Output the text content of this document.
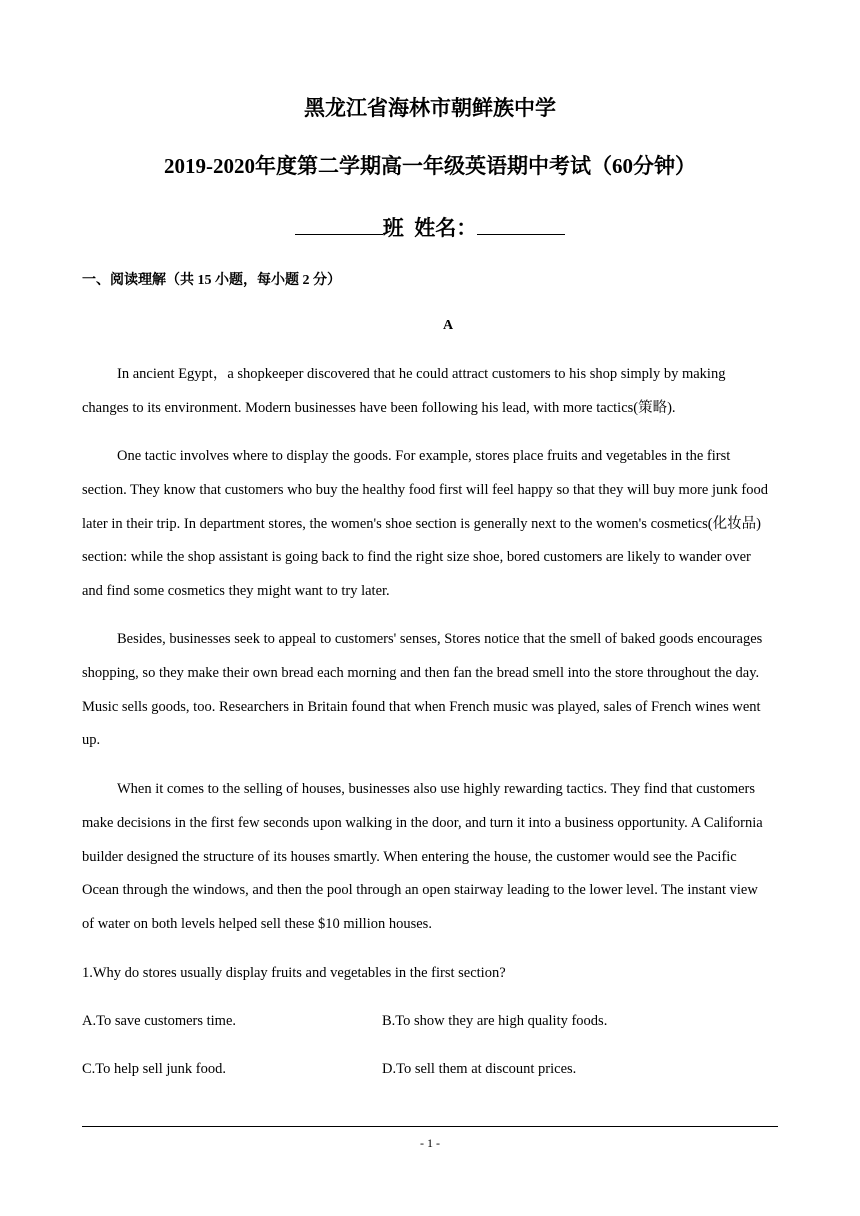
黑龙江省海林市朝鲜族中学
2019-2020年度第二学期高一年级英语期中考试（60分钟）
班 姓名：
一、阅读理解（共 15 小题，每小题 2 分）
A

In ancient Egypt，a shopkeeper discovered that he could attract customers to his shop simply by making changes to its environment. Modern businesses have been following his lead, with more tactics(策略).

One tactic involves where to display the goods. For example, stores place fruits and vegetables in the first section. They know that customers who buy the healthy food first will feel happy so that they will buy more junk food later in their trip. In department stores, the women's shoe section is generally next to the women's cosmetics(化妆品) section: while the shop assistant is going back to find the right size shoe, bored customers are likely to wander over and find some cosmetics they might want to try later.

Besides, businesses seek to appeal to customers' senses, Stores notice that the smell of baked goods encourages shopping, so they make their own bread each morning and then fan the bread smell into the store throughout the day. Music sells goods, too. Researchers in Britain found that when French music was played, sales of French wines went up.

When it comes to the selling of houses, businesses also use highly rewarding tactics. They find that customers make decisions in the first few seconds upon walking in the door, and turn it into a business opportunity. A California builder designed the structure of its houses smartly. When entering the house, the customer would see the Pacific Ocean through the windows, and then the pool through an open stairway leading to the lower level. The instant view of water on both levels helped sell these $10 million houses.

1.Why do stores usually display fruits and vegetables in the first section?
A.To save customers time.	B.To show they are high quality foods.
C.To help sell junk food.	D.To sell them at discount prices.
- 1 -
